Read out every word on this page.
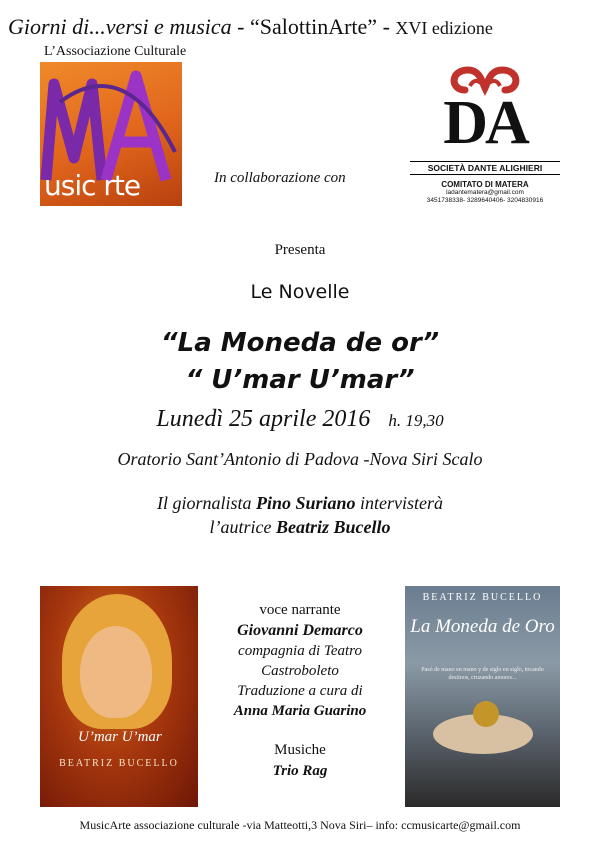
Giorni di...versi e musica - “SalottinArte” - XVI edizione
L’Associazione Culturale
usic rte	In collaborazione con
DA
SOCIETÀ DANTE ALIGHIERI
COMITATO DI MATERA
ladantematera@gmail.com
3451738338- 3289640406- 3204830916
Presenta
Le Novelle
“La Moneda de or”
“ U’mar U’mar”
Lunedì 25 aprile 2016 h. 19,30
Oratorio Sant’Antonio di Padova -Nova Siri Scalo
Il giornalista Pino Suriano intervisterà
l’autrice Beatriz Bucello
U’mar U’mar
BEATRIZ BUCELLO
voce narrante
Giovanni Demarco
compagnia di Teatro
Castroboleto
Traduzione a cura di
Anna Maria Guarino
Musiche
Trio Rag
BEATRIZ BUCELLO
La Moneda de Oro
Pasó de mano en mano y de siglo en siglo, tocando destinos, cruzando amores...
MusicArte associazione culturale -via Matteotti,3 Nova Siri– info: ccmusicarte@gmail.com
